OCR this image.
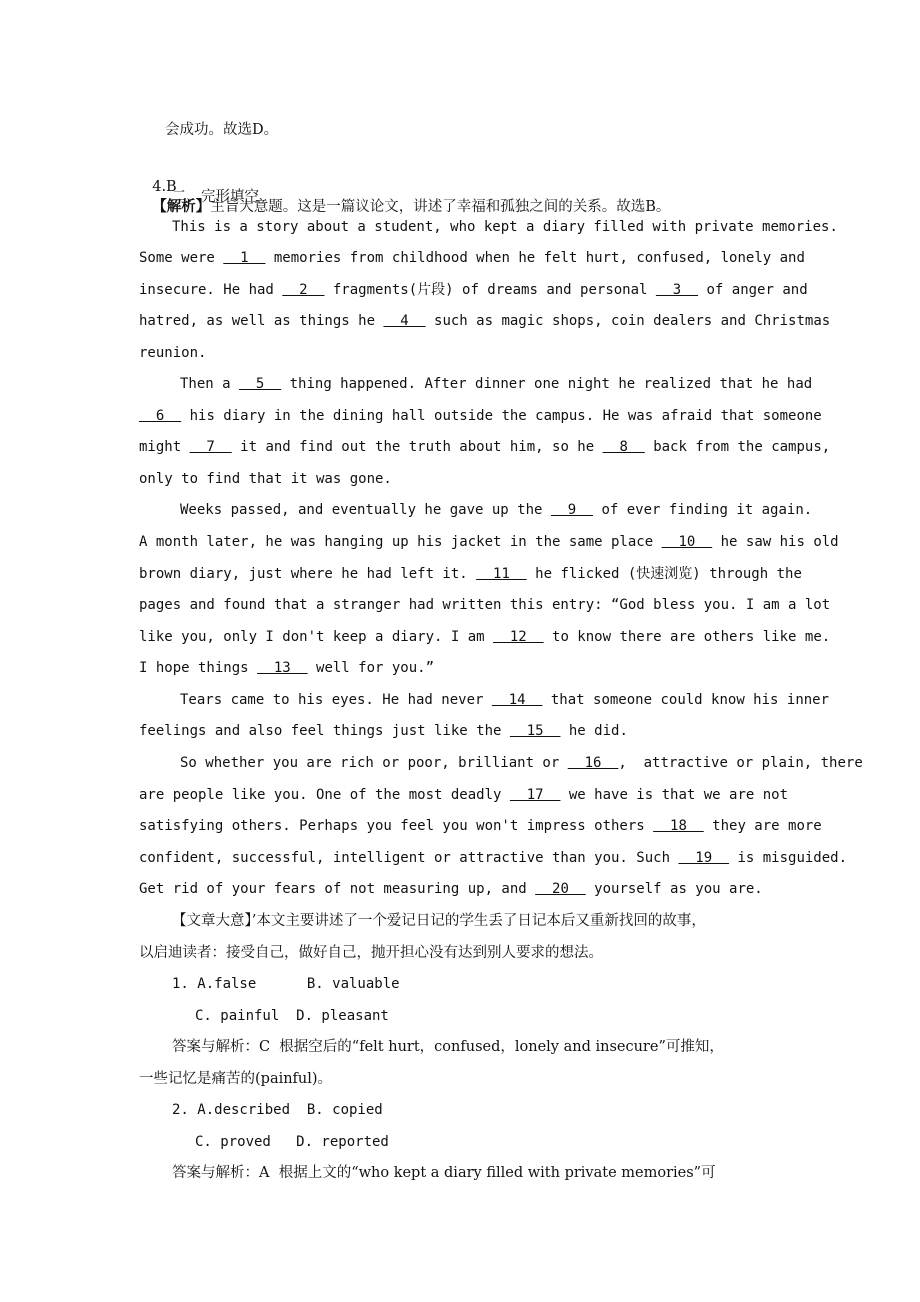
会成功。故选D。

4.B
【解析】主旨大意题。这是一篇议论文，讲述了幸福和孤独之间的关系。故选B。

二、完形填空
This is a story about a student, who kept a diary filled with private memories.
Some were   1   memories from childhood when he felt hurt, confused, lonely and
insecure. He had   2   fragments(片段) of dreams and personal   3   of anger and
hatred, as well as things he   4   such as magic shops, coin dealers and Christmas
reunion.
Then a   5   thing happened. After dinner one night he realized that he had
6   his diary in the dining hall outside the campus. He was afraid that someone
might   7   it and find out the truth about him, so he   8   back from the campus,
only to find that it was gone.
Weeks passed, and eventually he gave up the   9   of ever finding it again.
A month later, he was hanging up his jacket in the same place   10   he saw his old
brown diary, just where he had left it.   11   he flicked (快速浏览) through the
pages and found that a stranger had written this entry: “God bless you. I am a lot
like you, only I don't keep a diary. I am   12   to know there are others like me.
I hope things   13   well for you.”
Tears came to his eyes. He had never   14   that someone could know his inner
feelings and also feel things just like the   15   he did.
So whether you are rich or poor, brilliant or   16  ,  attractive or plain, there
are people like you. One of the most deadly   17   we have is that we are not
satisfying others. Perhaps you feel you won't impress others   18   they are more
confident, successful, intelligent or attractive than you. Such   19   is misguided.
Get rid of your fears of not measuring up, and   20   yourself as you are.
【文章大意】’本文主要讲述了一个爱记日记的学生丢了日记本后又重新找回的故事，
以启迪读者：接受自己，做好自己，抛开担心没有达到别人要求的想法。
1. A.false      B. valuable
C. painful  D. pleasant
答案与解析：C  根据空后的“felt hurt，confused，lonely and insecure”可推知，
一些记忆是痛苦的(painful)。
2. A.described  B. copied
C. proved   D. reported
答案与解析：A  根据上文的“who kept a diary filled with private memories”可
